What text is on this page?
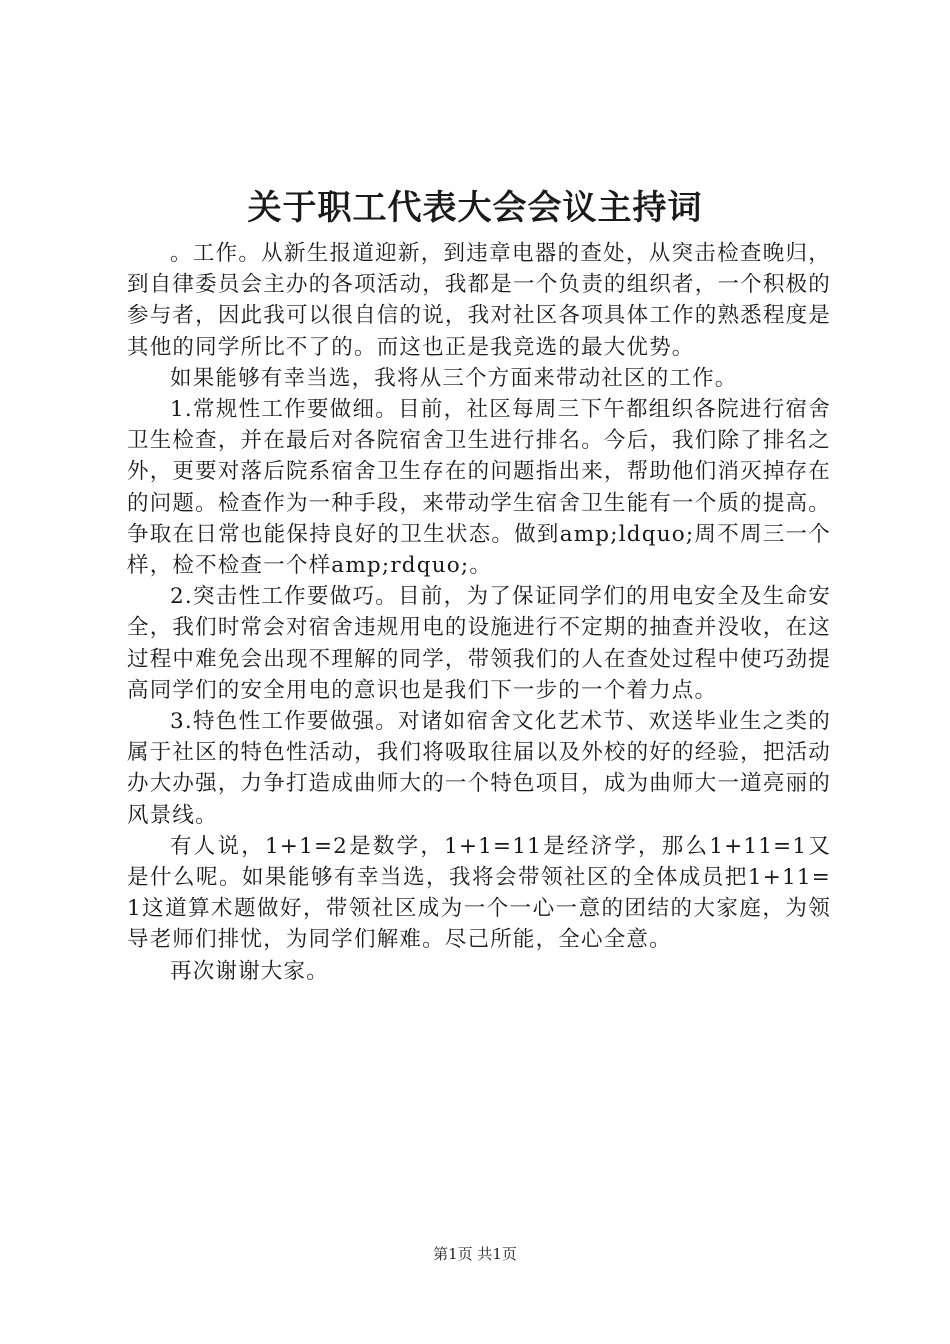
关于职工代表大会会议主持词

。工作。从新生报道迎新，到违章电器的查处，从突击检查晚归，到自律委员会主办的各项活动，我都是一个负责的组织者，一个积极的参与者，因此我可以很自信的说，我对社区各项具体工作的熟悉程度是其他的同学所比不了的。而这也正是我竞选的最大优势。

如果能够有幸当选，我将从三个方面来带动社区的工作。

1.常规性工作要做细。目前，社区每周三下午都组织各院进行宿舍卫生检查，并在最后对各院宿舍卫生进行排名。今后，我们除了排名之外，更要对落后院系宿舍卫生存在的问题指出来，帮助他们消灭掉存在的问题。检查作为一种手段，来带动学生宿舍卫生能有一个质的提高。争取在日常也能保持良好的卫生状态。做到amp;ldquo;周不周三一个样，检不检查一个样amp;rdquo;。

2.突击性工作要做巧。目前，为了保证同学们的用电安全及生命安全，我们时常会对宿舍违规用电的设施进行不定期的抽查并没收，在这过程中难免会出现不理解的同学，带领我们的人在查处过程中使巧劲提高同学们的安全用电的意识也是我们下一步的一个着力点。

3.特色性工作要做强。对诸如宿舍文化艺术节、欢送毕业生之类的属于社区的特色性活动，我们将吸取往届以及外校的好的经验，把活动办大办强，力争打造成曲师大的一个特色项目，成为曲师大一道亮丽的风景线。

有人说，1+1=2是数学，1+1=11是经济学，那么1+11=1又是什么呢。如果能够有幸当选，我将会带领社区的全体成员把1+11=1这道算术题做好，带领社区成为一个一心一意的团结的大家庭，为领导老师们排忧，为同学们解难。尽己所能，全心全意。

再次谢谢大家。

第1页 共1页
